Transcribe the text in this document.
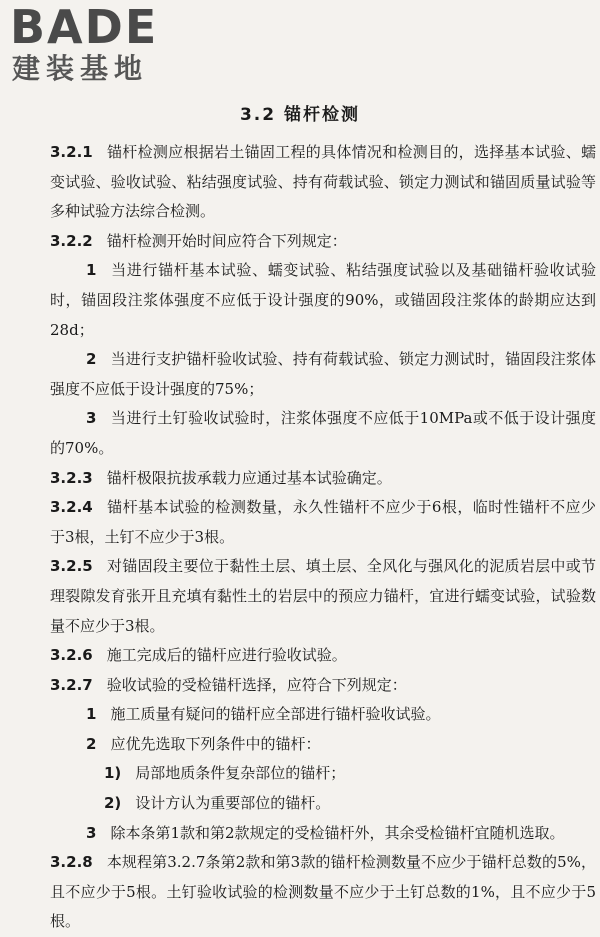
BADE
建装基地
3.2 锚杆检测

3.2.1 锚杆检测应根据岩土锚固工程的具体情况和检测目的，选择基本试验、蠕变试验、验收试验、粘结强度试验、持有荷载试验、锁定力测试和锚固质量试验等多种试验方法综合检测。

3.2.2 锚杆检测开始时间应符合下列规定：

1 当进行锚杆基本试验、蠕变试验、粘结强度试验以及基础锚杆验收试验时，锚固段注浆体强度不应低于设计强度的90%，或锚固段注浆体的龄期应达到28d；

2 当进行支护锚杆验收试验、持有荷载试验、锁定力测试时，锚固段注浆体强度不应低于设计强度的75%；

3 当进行土钉验收试验时，注浆体强度不应低于10MPa或不低于设计强度的70%。

3.2.3 锚杆极限抗拔承载力应通过基本试验确定。

3.2.4 锚杆基本试验的检测数量，永久性锚杆不应少于6根，临时性锚杆不应少于3根，土钉不应少于3根。

3.2.5 对锚固段主要位于黏性土层、填土层、全风化与强风化的泥质岩层中或节理裂隙发育张开且充填有黏性土的岩层中的预应力锚杆，宜进行蠕变试验，试验数量不应少于3根。

3.2.6 施工完成后的锚杆应进行验收试验。

3.2.7 验收试验的受检锚杆选择，应符合下列规定：

1 施工质量有疑问的锚杆应全部进行锚杆验收试验。

2 应优先选取下列条件中的锚杆：

1) 局部地质条件复杂部位的锚杆；

2) 设计方认为重要部位的锚杆。

3 除本条第1款和第2款规定的受检锚杆外，其余受检锚杆宜随机选取。

3.2.8 本规程第3.2.7条第2款和第3款的锚杆检测数量不应少于锚杆总数的5%，且不应少于5根。土钉验收试验的检测数量不应少于土钉总数的1%，且不应少于5根。
